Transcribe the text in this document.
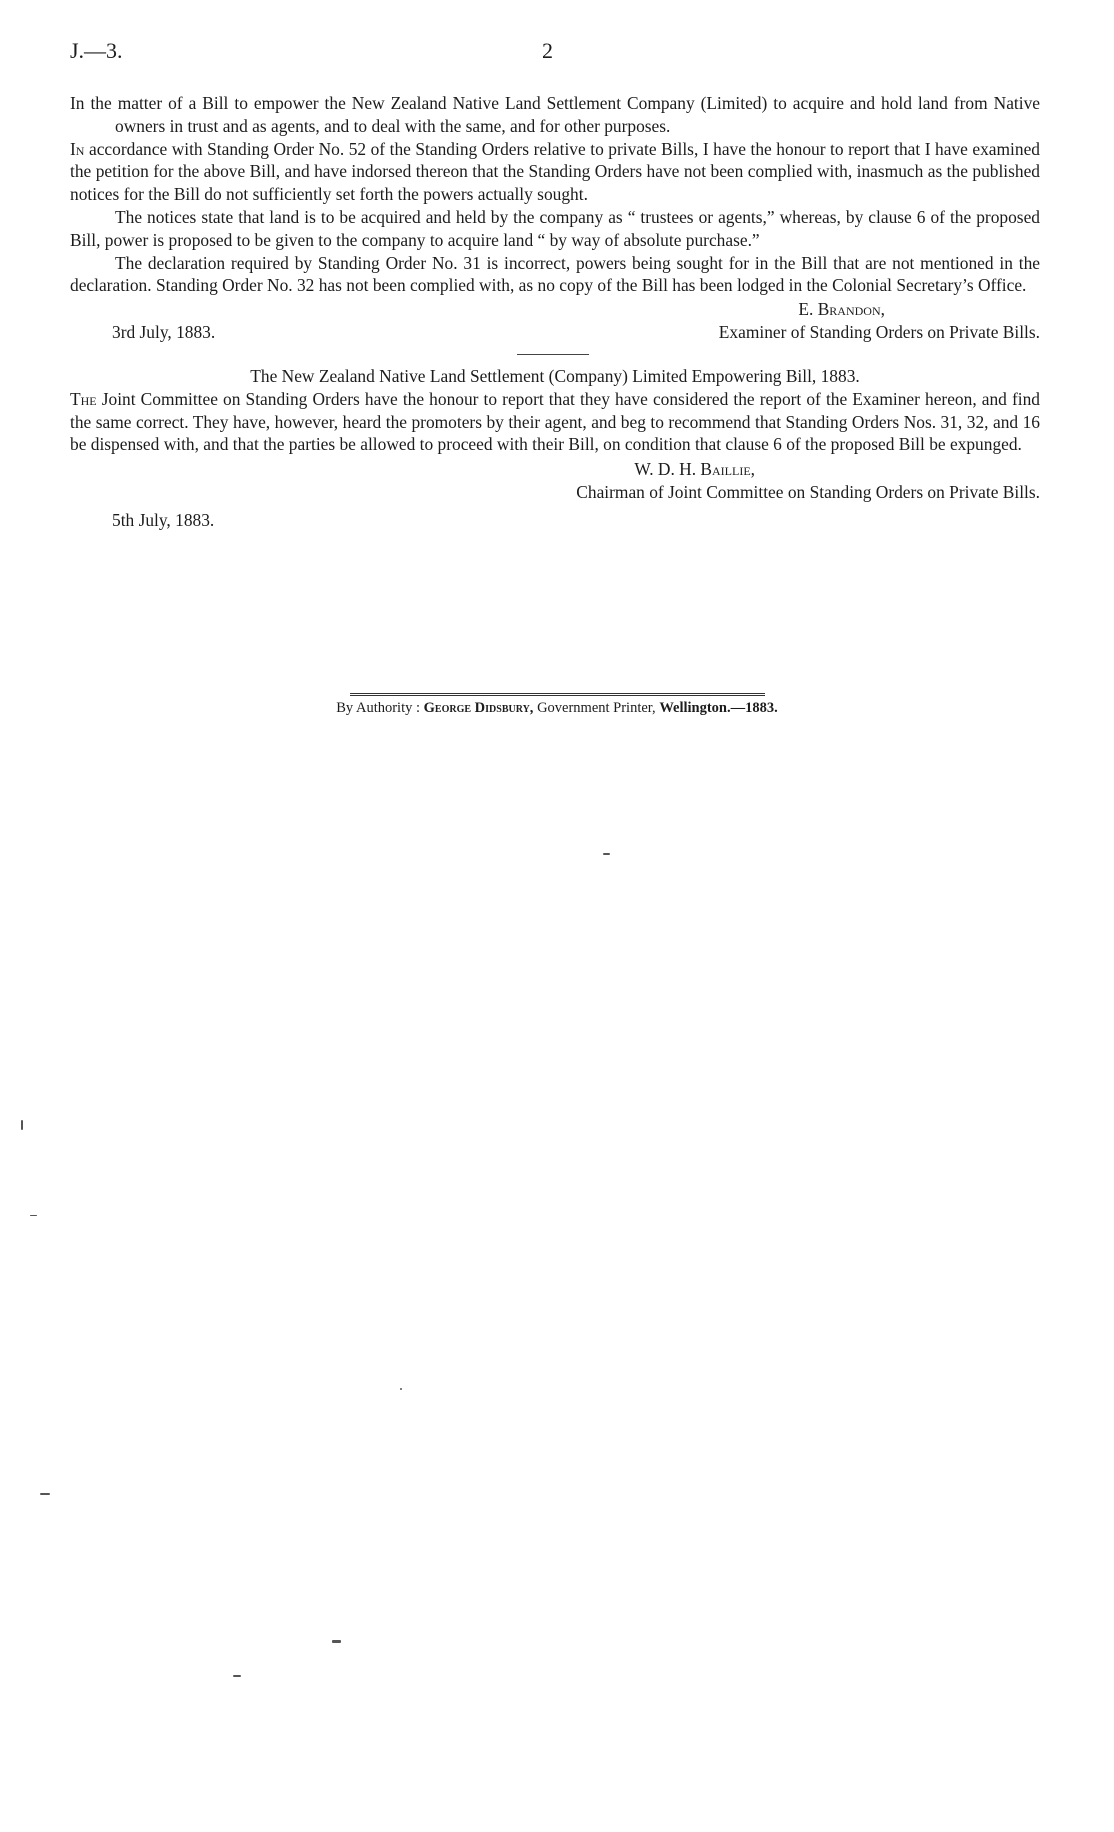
J.—3.	2

In the matter of a Bill to empower the New Zealand Native Land Settlement Company (Limited) to acquire and hold land from Native owners in trust and as agents, and to deal with the same, and for other purposes.

In accordance with Standing Order No. 52 of the Standing Orders relative to private Bills, I have the honour to report that I have examined the petition for the above Bill, and have indorsed thereon that the Standing Orders have not been complied with, inasmuch as the published notices for the Bill do not sufficiently set forth the powers actually sought.

The notices state that land is to be acquired and held by the company as “ trustees or agents,” whereas, by clause 6 of the proposed Bill, power is proposed to be given to the company to acquire land “ by way of absolute purchase.”

The declaration required by Standing Order No. 31 is incorrect, powers being sought for in the Bill that are not mentioned in the declaration. Standing Order No. 32 has not been complied with, as no copy of the Bill has been lodged in the Colonial Secretary’s Office.

E. Brandon,

3rd July, 1883.	Examiner of Standing Orders on Private Bills.

The New Zealand Native Land Settlement (Company) Limited Empowering Bill, 1883.

The Joint Committee on Standing Orders have the honour to report that they have considered the report of the Examiner hereon, and find the same correct. They have, however, heard the promoters by their agent, and beg to recommend that Standing Orders Nos. 31, 32, and 16 be dispensed with, and that the parties be allowed to proceed with their Bill, on condition that clause 6 of the proposed Bill be expunged.

W. D. H. Baillie,

Chairman of Joint Committee on Standing Orders on Private Bills.

5th July, 1883.

By Authority : George Didsbury, Government Printer, Wellington.—1883.
